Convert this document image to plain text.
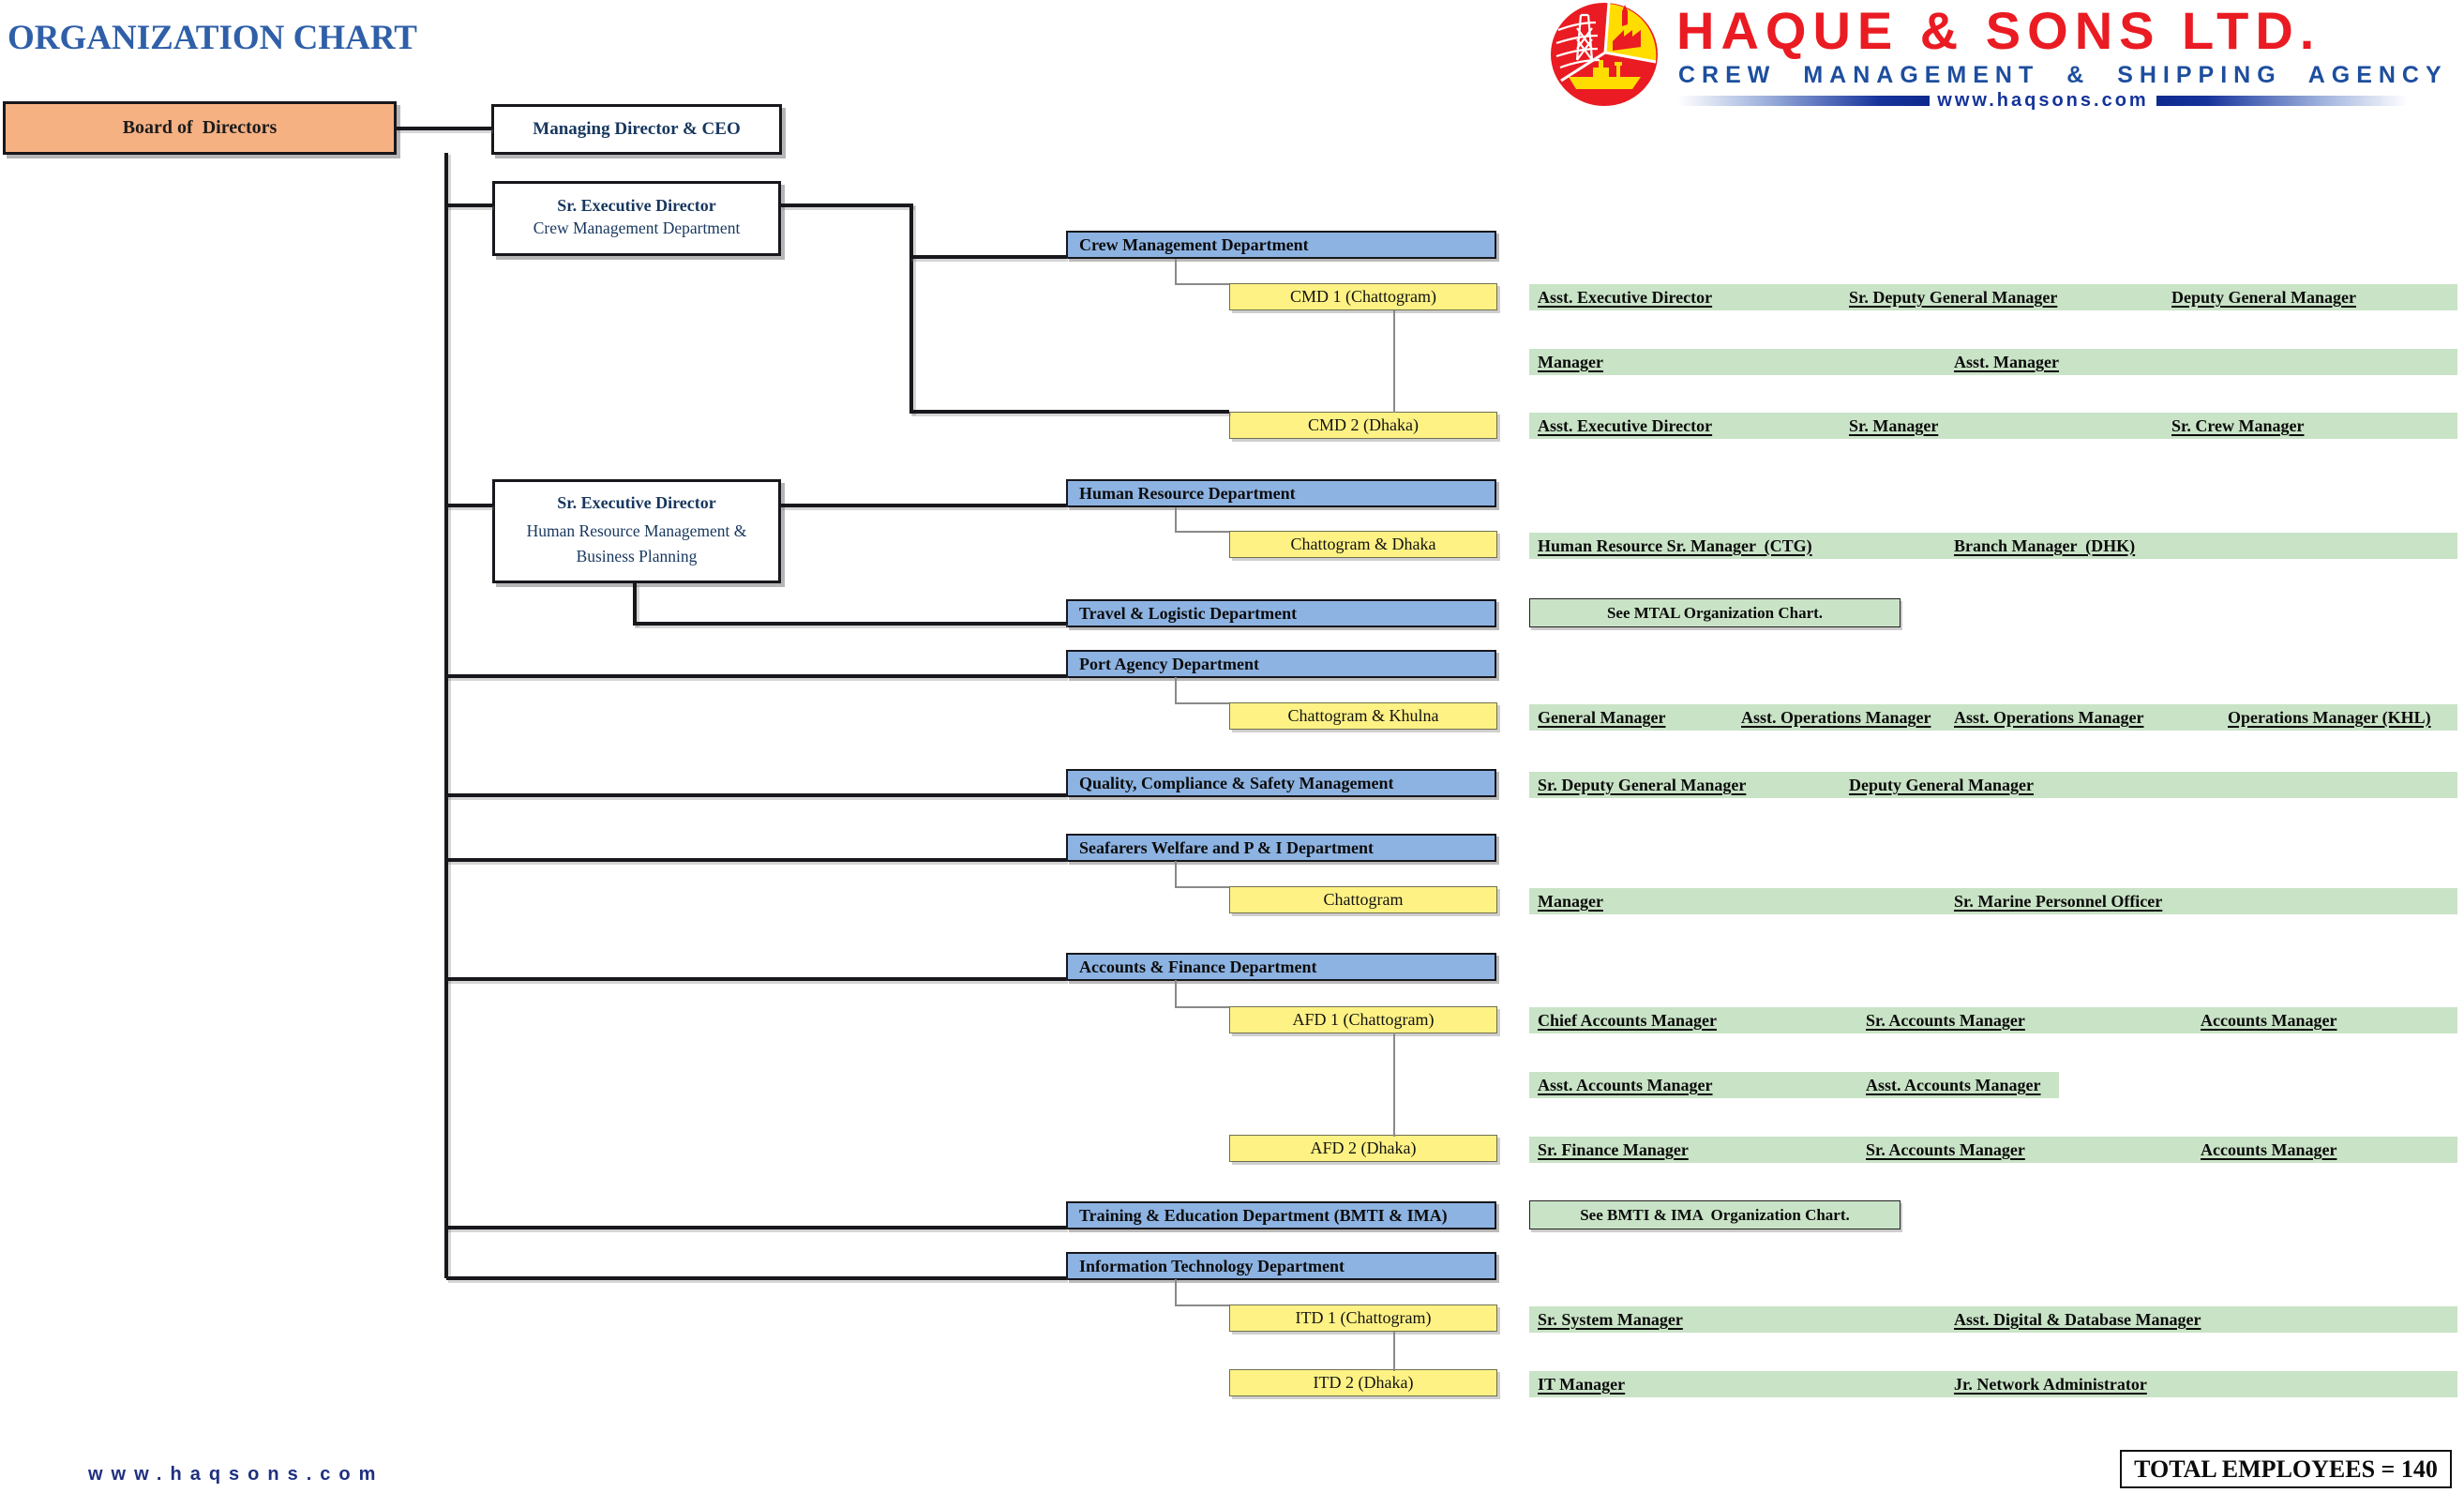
ORGANIZATION CHART	HAQUE & SONS LTD.
CREW MANAGEMENT & SHIPPING AGENCY
www.haqsons.com
Board of  Directors	Managing Director & CEO
Sr. Executive Director
Crew Management Department
Sr. Executive Director
Human Resource Management &
Business Planning
Crew Management Department
Human Resource Department
Travel & Logistic Department
Port Agency Department
Quality, Compliance & Safety Management
Seafarers Welfare and P & I Department
Accounts & Finance Department
Training & Education Department (BMTI & IMA)
Information Technology Department
CMD 1 (Chattogram)
CMD 2 (Dhaka)
Chattogram & Dhaka
Chattogram & Khulna
Chattogram
AFD 1 (Chattogram)
AFD 2 (Dhaka)
ITD 1 (Chattogram)
ITD 2 (Dhaka)
See MTAL Organization Chart.
See BMTI & IMA  Organization Chart.
Asst. Executive Director	Sr. Deputy General Manager	Deputy General Manager
Manager	Asst. Manager
Asst. Executive Director	Sr. Manager	Sr. Crew Manager
Human Resource Sr. Manager  (CTG)	Branch Manager  (DHK)
General Manager	Asst. Operations Manager Asst. Operations Manager	Operations Manager (KHL)
Sr. Deputy General Manager	Deputy General Manager
Manager	Sr. Marine Personnel Officer
Chief Accounts Manager	Sr. Accounts Manager	Accounts Manager
Asst. Accounts Manager	Asst. Accounts Manager
Sr. Finance Manager	Sr. Accounts Manager	Accounts Manager
Sr. System Manager	Asst. Digital & Database Manager
IT Manager	Jr. Network Administrator
www.haqsons.com	TOTAL EMPLOYEES = 140
